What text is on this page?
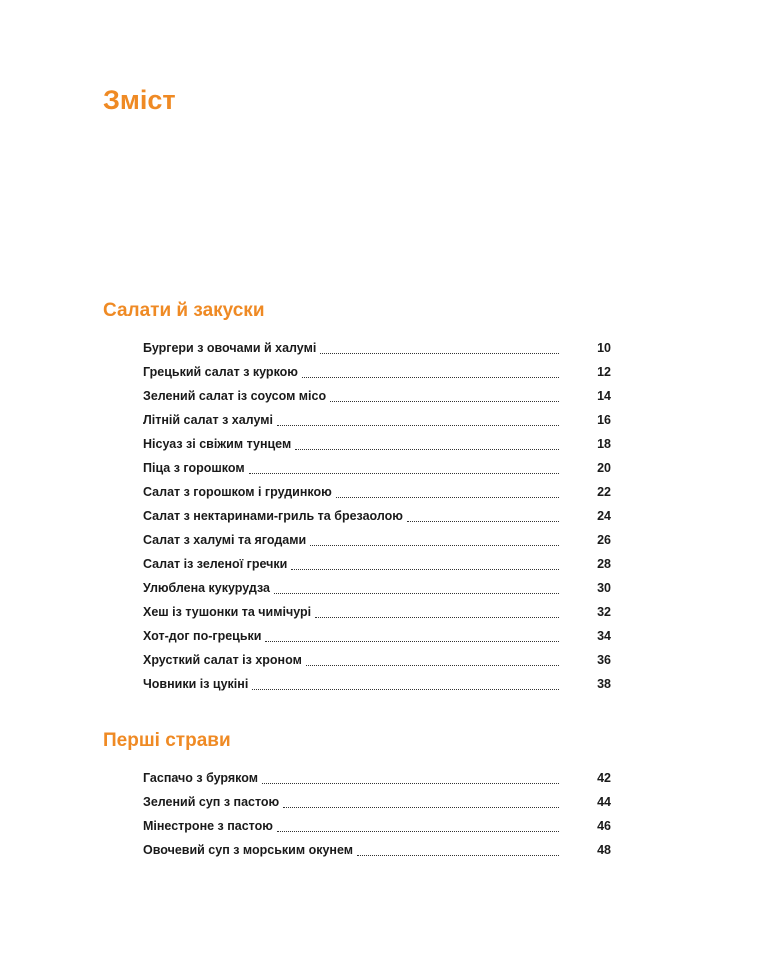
Зміст
Салати й закуски
Бургери з овочами й халумі	10
Грецький салат з куркою	12
Зелений салат із соусом місо	14
Літній салат з халумі	16
Нісуаз зі свіжим тунцем	18
Піца з горошком	20
Салат з горошком і грудинкою	22
Салат з нектаринами-гриль та брезаолою	24
Салат з халумі та ягодами	26
Салат із зеленої гречки	28
Улюблена кукурудза	30
Хеш із тушонки та чимічурі	32
Хот-дог по-грецьки	34
Хрусткий салат із хроном	36
Човники із цукіні	38
Перші страви
Гаспачо з буряком	42
Зелений суп з пастою	44
Мінестроне з пастою	46
Овочевий суп з морським окунем	48
